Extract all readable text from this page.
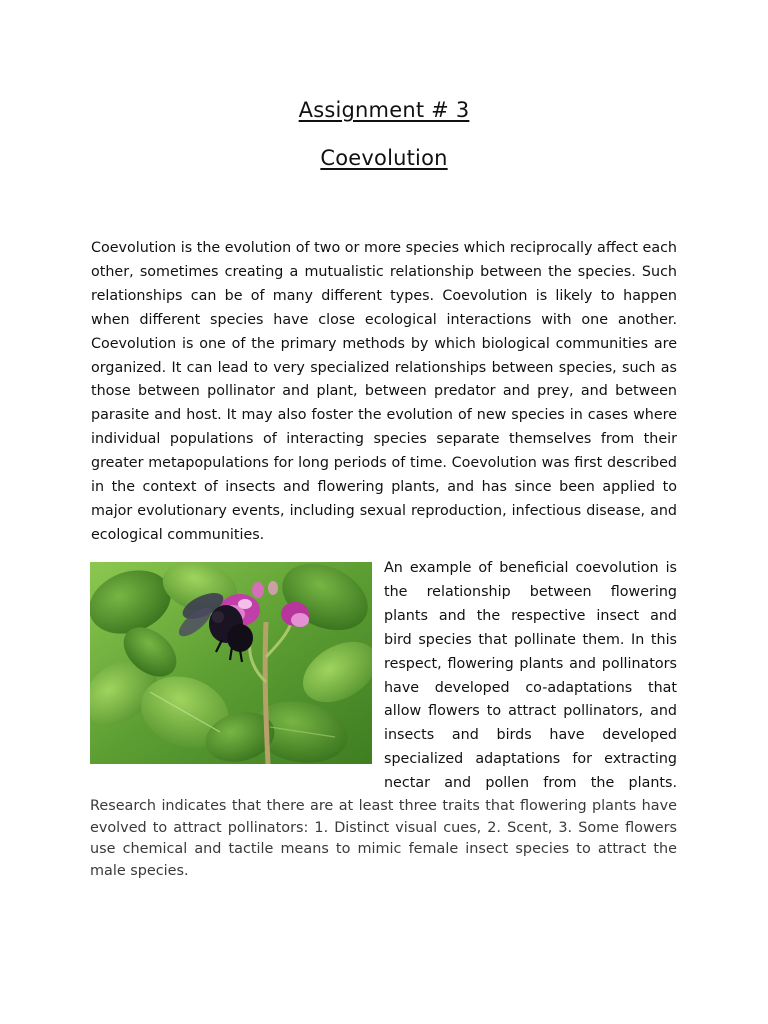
Assignment # 3
Coevolution

Coevolution is the evolution of two or more species which reciprocally affect each other, sometimes creating a mutualistic relationship between the species. Such relationships can be of many different types. Coevolution is likely to happen when different species have close ecological interactions with one another. Coevolution is one of the primary methods by which biological communities are organized. It can lead to very specialized relationships between species, such as those between pollinator and plant, between predator and prey, and between parasite and host. It may also foster the evolution of new species in cases where individual populations of interacting species separate themselves from their greater metapopulations for long periods of time. Coevolution was first described in the context of insects and flowering plants, and has since been applied to major evolutionary events, including sexual reproduction, infectious disease, and ecological communities.

An example of beneficial coevolution is the relationship between flowering plants and the respective insect and bird species that pollinate them. In this respect, flowering plants and pollinators have developed co-adaptations that allow flowers to attract pollinators, and insects and birds have developed specialized adaptations for extracting nectar and pollen from the plants.

Research indicates that there are at least three traits that flowering plants have evolved to attract pollinators: 1. Distinct visual cues, 2. Scent, 3. Some flowers use chemical and tactile means to mimic female insect species to attract the male species.
